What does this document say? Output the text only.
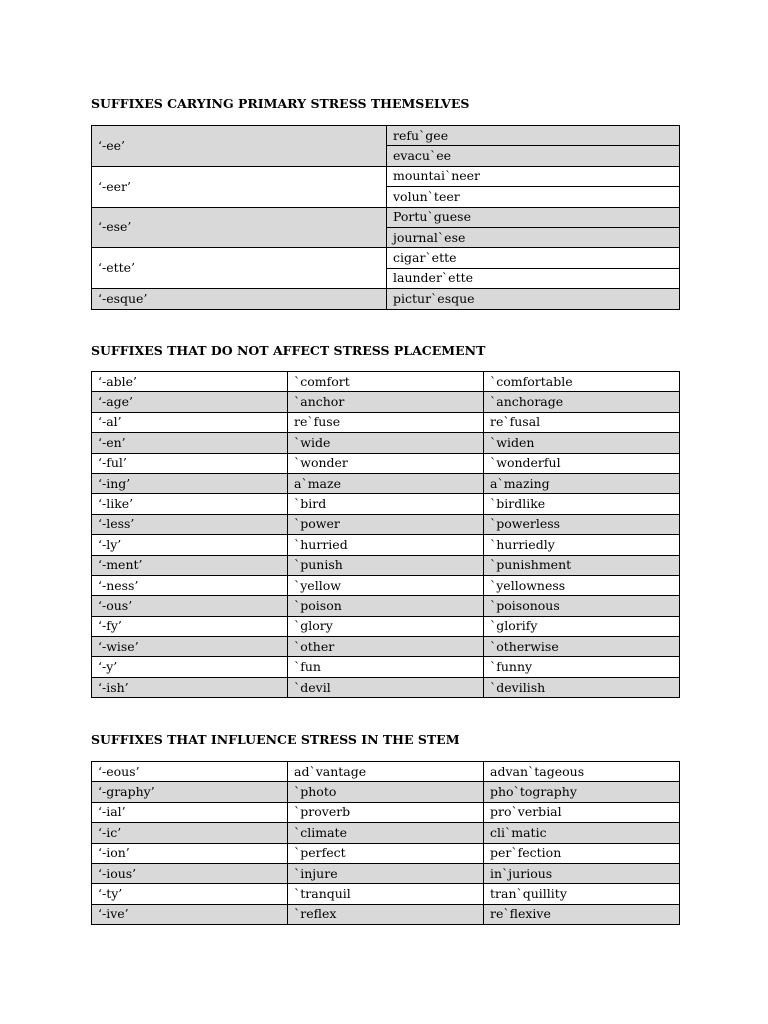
SUFFIXES CARYING PRIMARY STRESS THEMSELVES
‘-ee’	refu`gee
	evacu`ee
‘-eer’	mountai`neer
	volun`teer
‘-ese’	Portu`guese
	journal`ese
‘-ette’	cigar`ette
	launder`ette
‘-esque’	pictur`esque
SUFFIXES THAT DO NOT AFFECT STRESS PLACEMENT
‘-able’	`comfort	`comfortable
‘-age’	`anchor	`anchorage
‘-al’	re`fuse	re`fusal
‘-en’	`wide	`widen
‘-ful’	`wonder	`wonderful
‘-ing’	a`maze	a`mazing
‘-like’	`bird	`birdlike
‘-less’	`power	`powerless
‘-ly’	`hurried	`hurriedly
‘-ment’	`punish	`punishment
‘-ness’	`yellow	`yellowness
‘-ous’	`poison	`poisonous
‘-fy’	`glory	`glorify
‘-wise’	`other	`otherwise
‘-y’	`fun	`funny
‘-ish’	`devil	`devilish
SUFFIXES THAT INFLUENCE STRESS IN THE STEM
‘-eous’	ad`vantage	advan`tageous
‘-graphy’	`photo	pho`tography
‘-ial’	`proverb	pro`verbial
‘-ic’	`climate	cli`matic
‘-ion’	`perfect	per`fection
‘-ious’	`injure	in`jurious
‘-ty’	`tranquil	tran`quillity
‘-ive’	`reflex	re`flexive
